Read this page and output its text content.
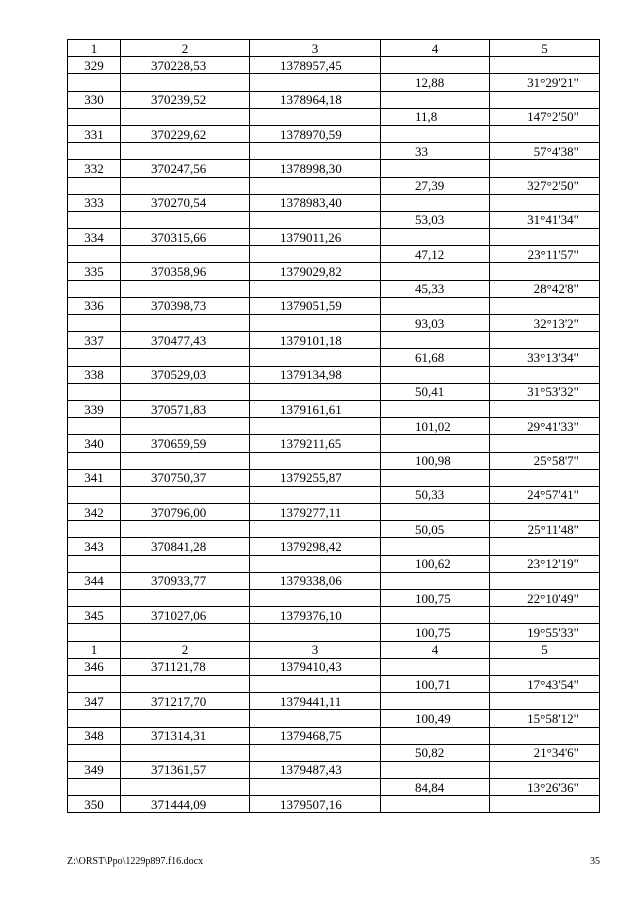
1	2	3	4	5
329	370228,53	1378957,45		
			12,88	31°29'21"
330	370239,52	1378964,18		
			11,8	147°2'50"
331	370229,62	1378970,59		
			33	57°4'38"
332	370247,56	1378998,30		
			27,39	327°2'50"
333	370270,54	1378983,40		
			53,03	31°41'34"
334	370315,66	1379011,26		
			47,12	23°11'57"
335	370358,96	1379029,82		
			45,33	28°42'8"
336	370398,73	1379051,59		
			93,03	32°13'2"
337	370477,43	1379101,18		
			61,68	33°13'34"
338	370529,03	1379134,98		
			50,41	31°53'32"
339	370571,83	1379161,61		
			101,02	29°41'33"
340	370659,59	1379211,65		
			100,98	25°58'7"
341	370750,37	1379255,87		
			50,33	24°57'41"
342	370796,00	1379277,11		
			50,05	25°11'48"
343	370841,28	1379298,42		
			100,62	23°12'19"
344	370933,77	1379338,06		
			100,75	22°10'49"
345	371027,06	1379376,10		
			100,75	19°55'33"
1	2	3	4	5
346	371121,78	1379410,43		
			100,71	17°43'54"
347	371217,70	1379441,11		
			100,49	15°58'12"
348	371314,31	1379468,75		
			50,82	21°34'6"
349	371361,57	1379487,43		
			84,84	13°26'36"
350	371444,09	1379507,16		
Z:\ORST\Ppo\1229p897.f16.docx	35
